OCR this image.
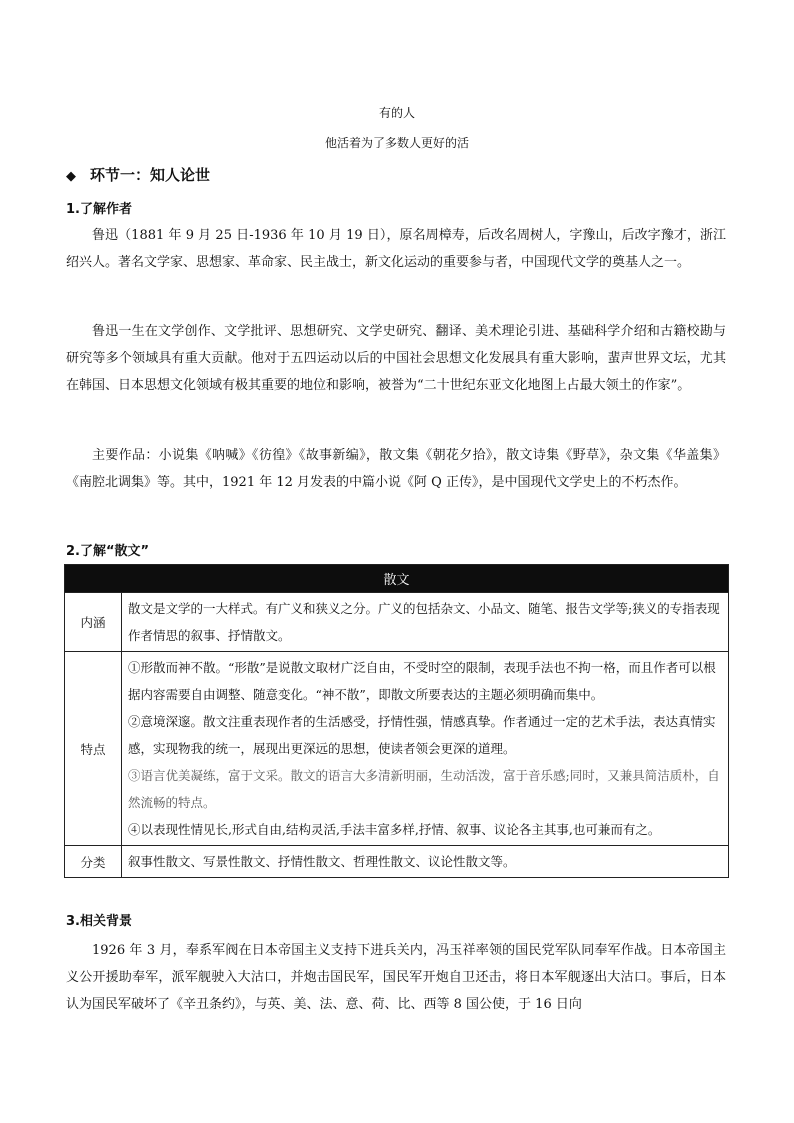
有的人
他活着为了多数人更好的活
◆ 环节一：知人论世
1.了解作者
鲁迅（1881 年 9 月 25 日-1936 年 10 月 19 日），原名周樟寿，后改名周树人，字豫山，后改字豫才，浙江绍兴人。著名文学家、思想家、革命家、民主战士，新文化运动的重要参与者，中国现代文学的奠基人之一。
鲁迅一生在文学创作、文学批评、思想研究、文学史研究、翻译、美术理论引进、基础科学介绍和古籍校勘与研究等多个领域具有重大贡献。他对于五四运动以后的中国社会思想文化发展具有重大影响，蜚声世界文坛，尤其在韩国、日本思想文化领域有极其重要的地位和影响，被誉为“二十世纪东亚文化地图上占最大领土的作家”。
主要作品：小说集《呐喊》《彷徨》《故事新编》，散文集《朝花夕拾》，散文诗集《野草》，杂文集《华盖集》《南腔北调集》等。其中，1921 年 12 月发表的中篇小说《阿 Q 正传》，是中国现代文学史上的不朽杰作。
2.了解“散文”
散文	
内涵	散文是文学的一大样式。有广义和狭义之分。广义的包括杂文、小品文、随笔、报告文学等;狭义的专指表现作者情思的叙事、抒情散文。
特点	①形散而神不散。“形散”是说散文取材广泛自由，不受时空的限制，表现手法也不拘一格，而且作者可以根据内容需要自由调整、随意变化。“神不散”，即散文所要表达的主题必须明确而集中。
②意境深邃。散文注重表现作者的生活感受，抒情性强，情感真挚。作者通过一定的艺术手法，表达真情实感，实现物我的统一，展现出更深远的思想，使读者领会更深的道理。
③语言优美凝练，富于文采。散文的语言大多清新明丽，生动活泼，富于音乐感;同时，又兼具简洁质朴，自然流畅的特点。
④以表现性情见长,形式自由,结构灵活,手法丰富多样,抒情、叙事、议论各主其事,也可兼而有之。

分类	叙事性散文、写景性散文、抒情性散文、哲理性散文、议论性散文等。
3.相关背景
1926 年 3 月，奉系军阀在日本帝国主义支持下进兵关内，冯玉祥率领的国民党军队同奉军作战。日本帝国主义公开援助奉军，派军舰驶入大沽口，并炮击国民军，国民军开炮自卫还击，将日本军舰逐出大沽口。事后，日本认为国民军破坏了《辛丑条约》，与英、美、法、意、荷、比、西等 8 国公使，于 16 日向
